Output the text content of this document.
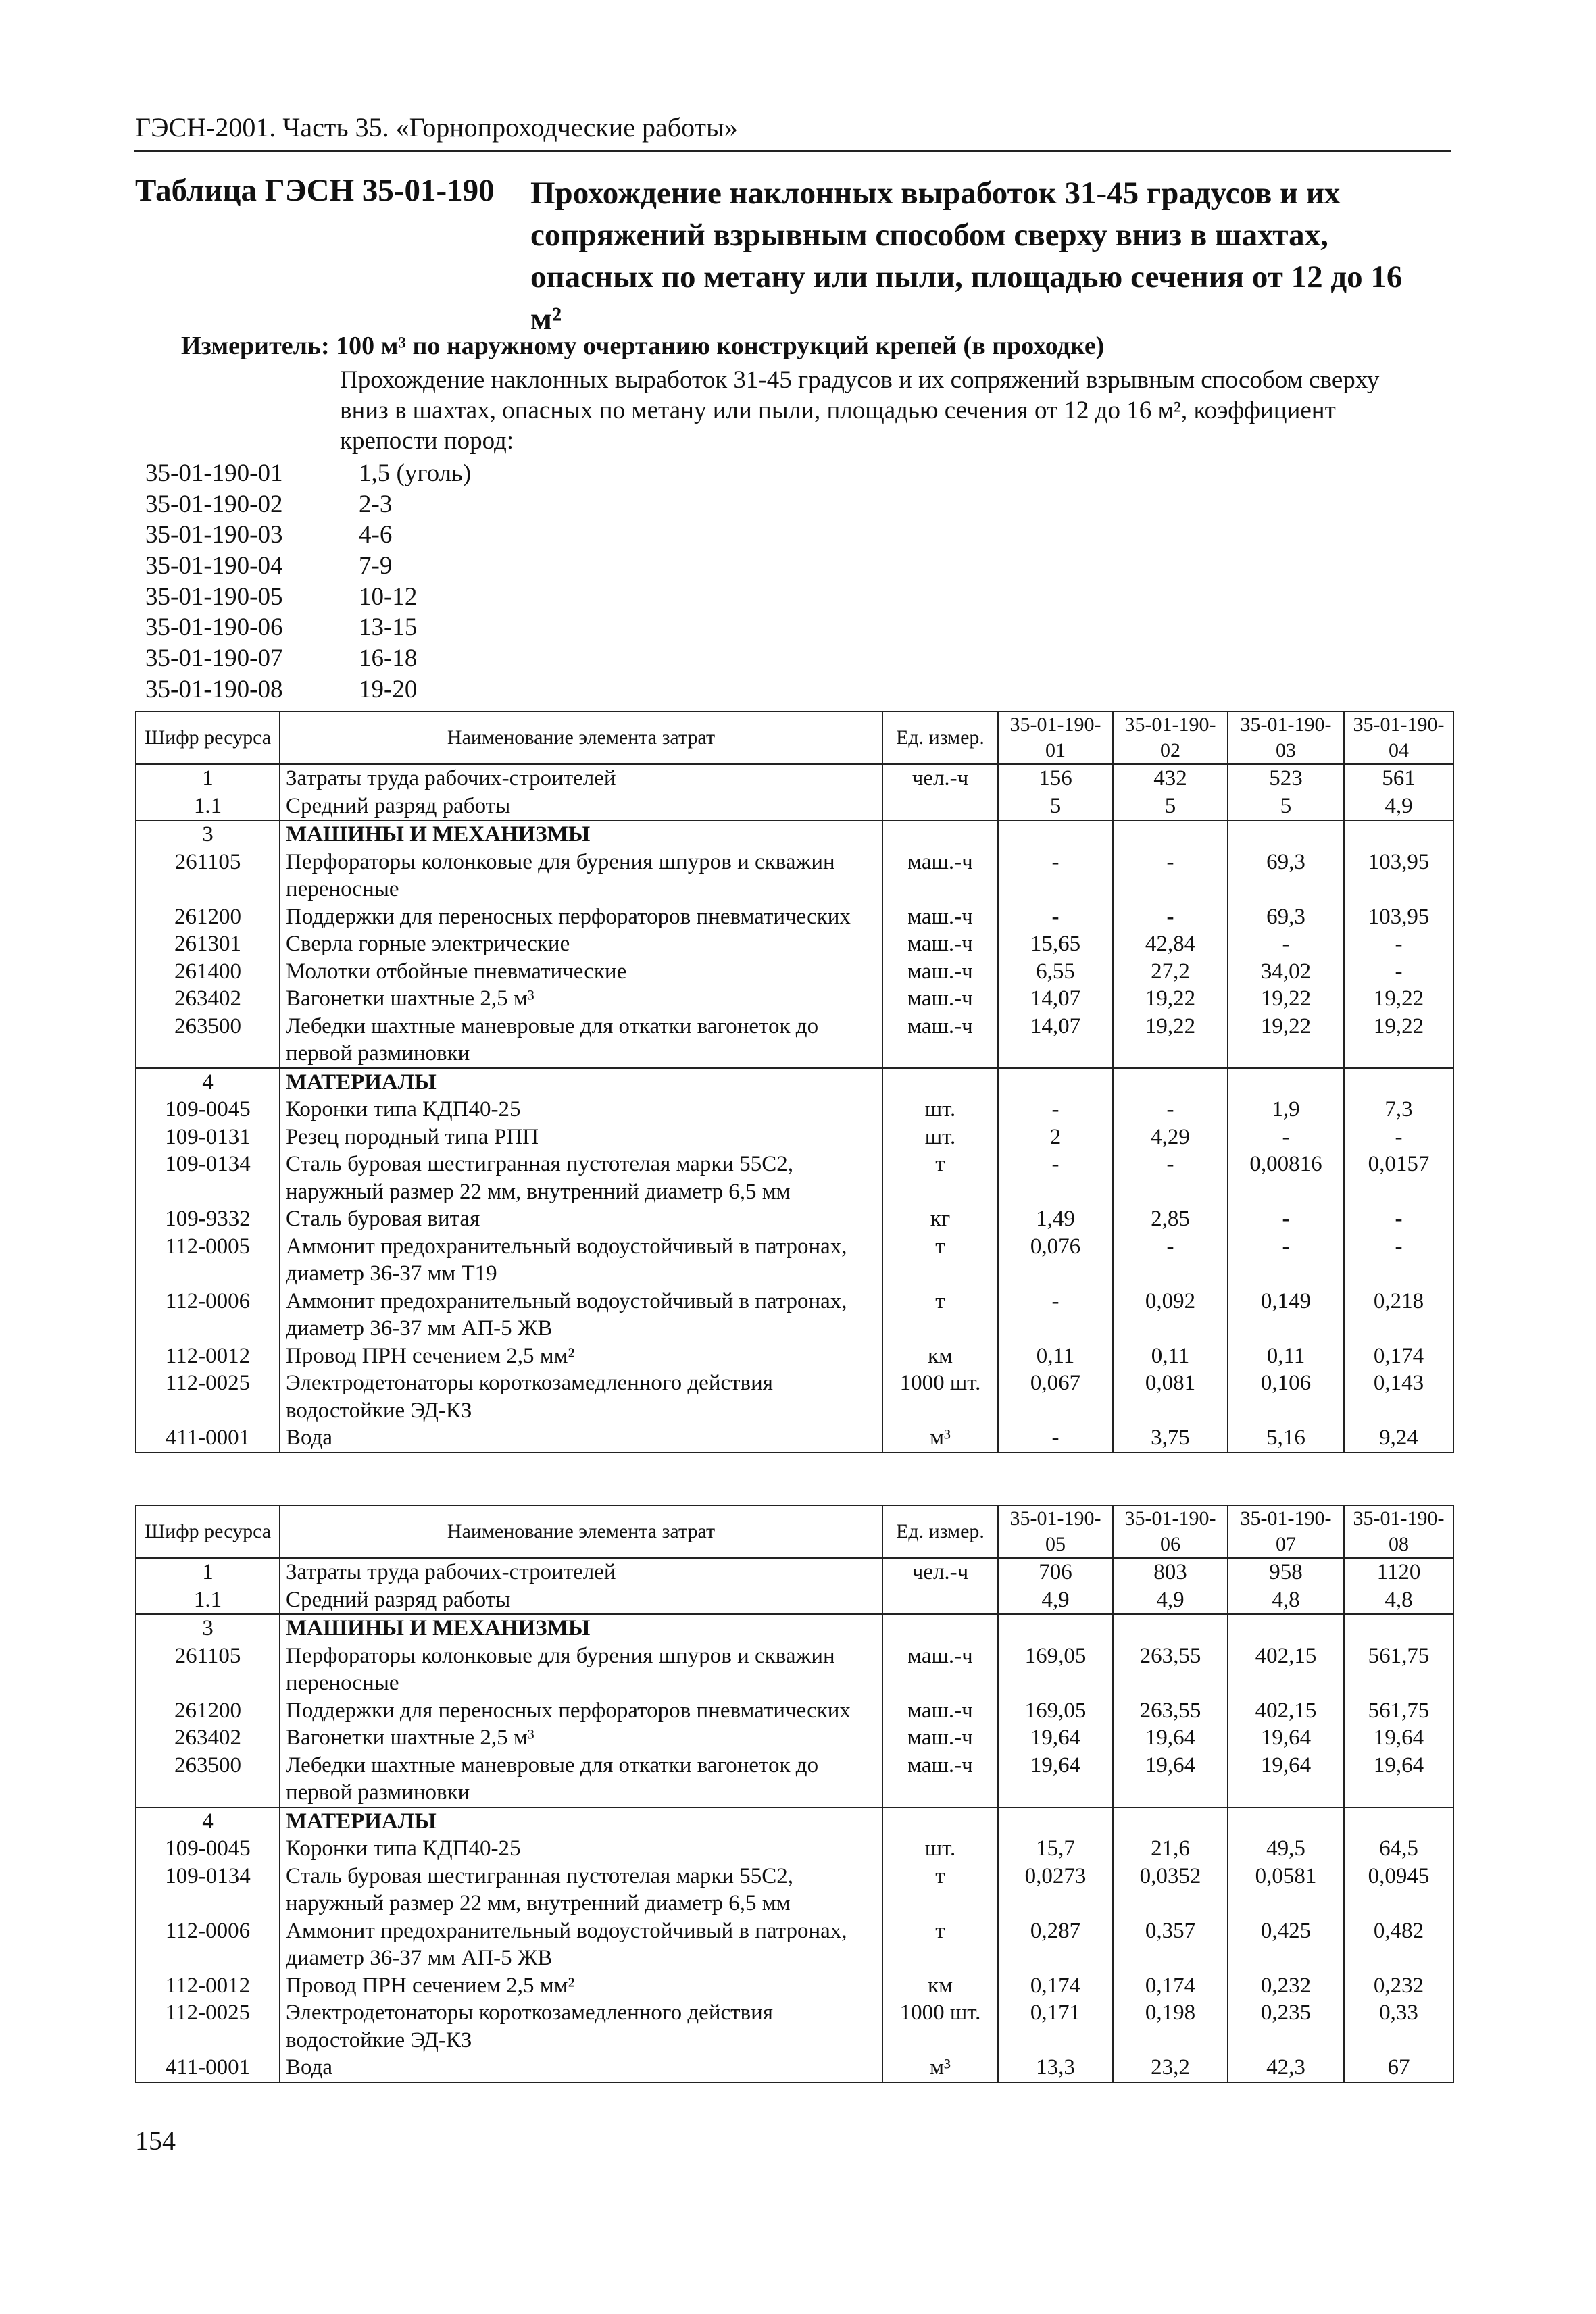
ГЭСН-2001. Часть 35. «Горнопроходческие работы»
Таблица ГЭСН 35-01-190 Прохождение наклонных выработок 31-45 градусов и их сопряжений взрывным способом сверху вниз в шахтах, опасных по метану или пыли, площадью сечения от 12 до 16 м²
Измеритель: 100 м³ по наружному очертанию конструкций крепей (в проходке)
Прохождение наклонных выработок 31-45 градусов и их сопряжений взрывным способом сверху вниз в шахтах, опасных по метану или пыли, площадью сечения от 12 до 16 м², коэффициент крепости пород:
35-01-190-01	1,5 (уголь)
35-01-190-02	2-3
35-01-190-03	4-6
35-01-190-04	7-9
35-01-190-05	10-12
35-01-190-06	13-15
35-01-190-07	16-18
35-01-190-08	19-20
Шифр ресурса	Наименование элемента затрат	Ед. измер.	35-01-190-01	35-01-190-02	35-01-190-03	35-01-190-04
1	Затраты труда рабочих-строителей	чел.-ч	156	432	523	561
1.1	Средний разряд работы		5	5	5	4,9
3	МАШИНЫ И МЕХАНИЗМЫ					
261105	Перфораторы колонковые для бурения шпуров и скважин переносные	маш.-ч	-	-	69,3	103,95
261200	Поддержки для переносных перфораторов пневматических	маш.-ч	-	-	69,3	103,95
261301	Сверла горные электрические	маш.-ч	15,65	42,84	-	-
261400	Молотки отбойные пневматические	маш.-ч	6,55	27,2	34,02	-
263402	Вагонетки шахтные 2,5 м³	маш.-ч	14,07	19,22	19,22	19,22
263500	Лебедки шахтные маневровые для откатки вагонеток до первой разминовки	маш.-ч	14,07	19,22	19,22	19,22
4	МАТЕРИАЛЫ					
109-0045	Коронки типа КДП40-25	шт.	-	-	1,9	7,3
109-0131	Резец породный типа РПП	шт.	2	4,29	-	-
109-0134	Сталь буровая шестигранная пустотелая марки 55С2, наружный размер 22 мм, внутренний диаметр 6,5 мм	т	-	-	0,00816	0,0157
109-9332	Сталь буровая витая	кг	1,49	2,85	-	-
112-0005	Аммонит предохранительный водоустойчивый в патронах, диаметр 36-37 мм Т19	т	0,076	-	-	-
112-0006	Аммонит предохранительный водоустойчивый в патронах, диаметр 36-37 мм АП-5 ЖВ	т	-	0,092	0,149	0,218
112-0012	Провод ПРН сечением 2,5 мм²	км	0,11	0,11	0,11	0,174
112-0025	Электродетонаторы короткозамедленного действия водостойкие ЭД-КЗ	1000 шт.	0,067	0,081	0,106	0,143
411-0001	Вода	м³	-	3,75	5,16	9,24
Шифр ресурса	Наименование элемента затрат	Ед. измер.	35-01-190-05	35-01-190-06	35-01-190-07	35-01-190-08
1	Затраты труда рабочих-строителей	чел.-ч	706	803	958	1120
1.1	Средний разряд работы		4,9	4,9	4,8	4,8
3	МАШИНЫ И МЕХАНИЗМЫ					
261105	Перфораторы колонковые для бурения шпуров и скважин переносные	маш.-ч	169,05	263,55	402,15	561,75
261200	Поддержки для переносных перфораторов пневматических	маш.-ч	169,05	263,55	402,15	561,75
263402	Вагонетки шахтные 2,5 м³	маш.-ч	19,64	19,64	19,64	19,64
263500	Лебедки шахтные маневровые для откатки вагонеток до первой разминовки	маш.-ч	19,64	19,64	19,64	19,64
4	МАТЕРИАЛЫ					
109-0045	Коронки типа КДП40-25	шт.	15,7	21,6	49,5	64,5
109-0134	Сталь буровая шестигранная пустотелая марки 55С2, наружный размер 22 мм, внутренний диаметр 6,5 мм	т	0,0273	0,0352	0,0581	0,0945
112-0006	Аммонит предохранительный водоустойчивый в патронах, диаметр 36-37 мм АП-5 ЖВ	т	0,287	0,357	0,425	0,482
112-0012	Провод ПРН сечением 2,5 мм²	км	0,174	0,174	0,232	0,232
112-0025	Электродетонаторы короткозамедленного действия водостойкие ЭД-КЗ	1000 шт.	0,171	0,198	0,235	0,33
411-0001	Вода	м³	13,3	23,2	42,3	67
154
